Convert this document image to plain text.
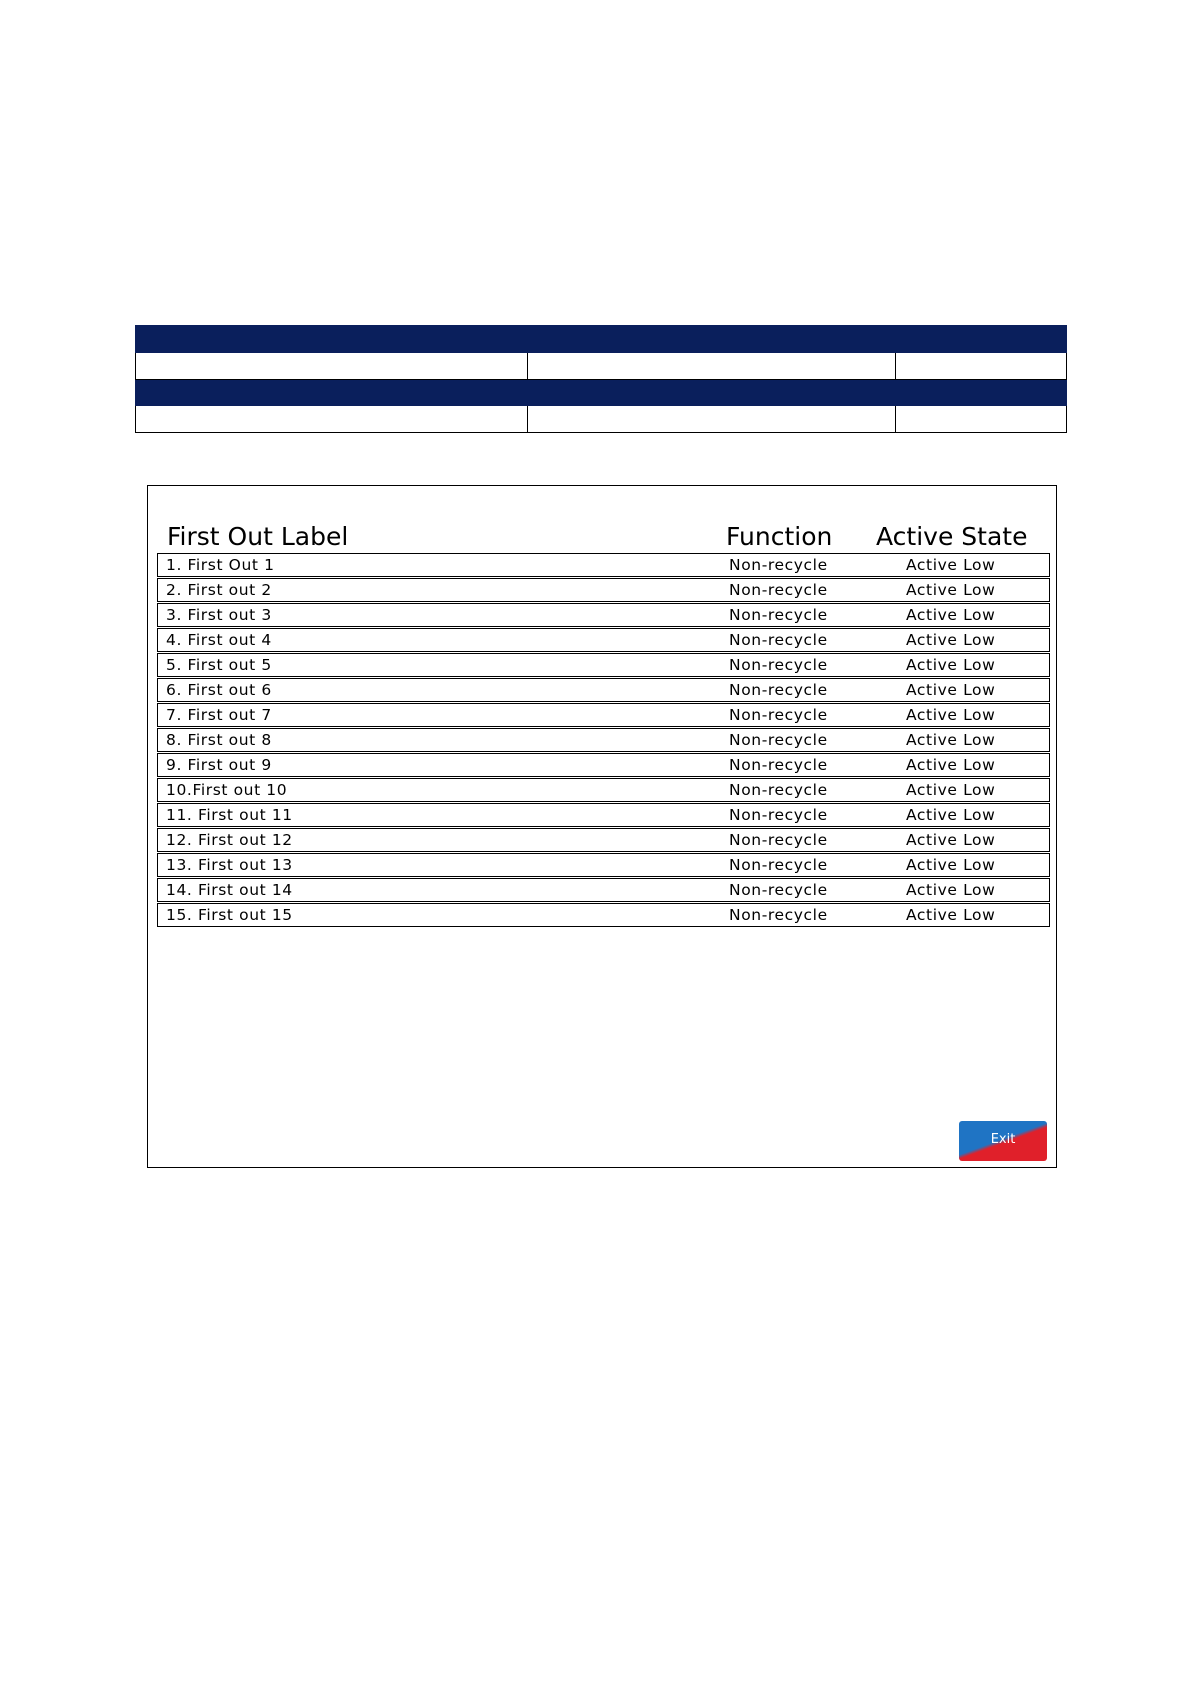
First Out Label	Function Active State
1. First Out 1	Non-recycle	Active Low
2. First out 2	Non-recycle	Active Low
3. First out 3	Non-recycle	Active Low
4. First out 4	Non-recycle	Active Low
5. First out 5	Non-recycle	Active Low
6. First out 6	Non-recycle	Active Low
7. First out 7	Non-recycle	Active Low
8. First out 8	Non-recycle	Active Low
9. First out 9	Non-recycle	Active Low
10.First out 10	Non-recycle	Active Low
11. First out 11	Non-recycle	Active Low
12. First out 12	Non-recycle	Active Low
13. First out 13	Non-recycle	Active Low
14. First out 14	Non-recycle	Active Low
15. First out 15	Non-recycle	Active Low
Exit
